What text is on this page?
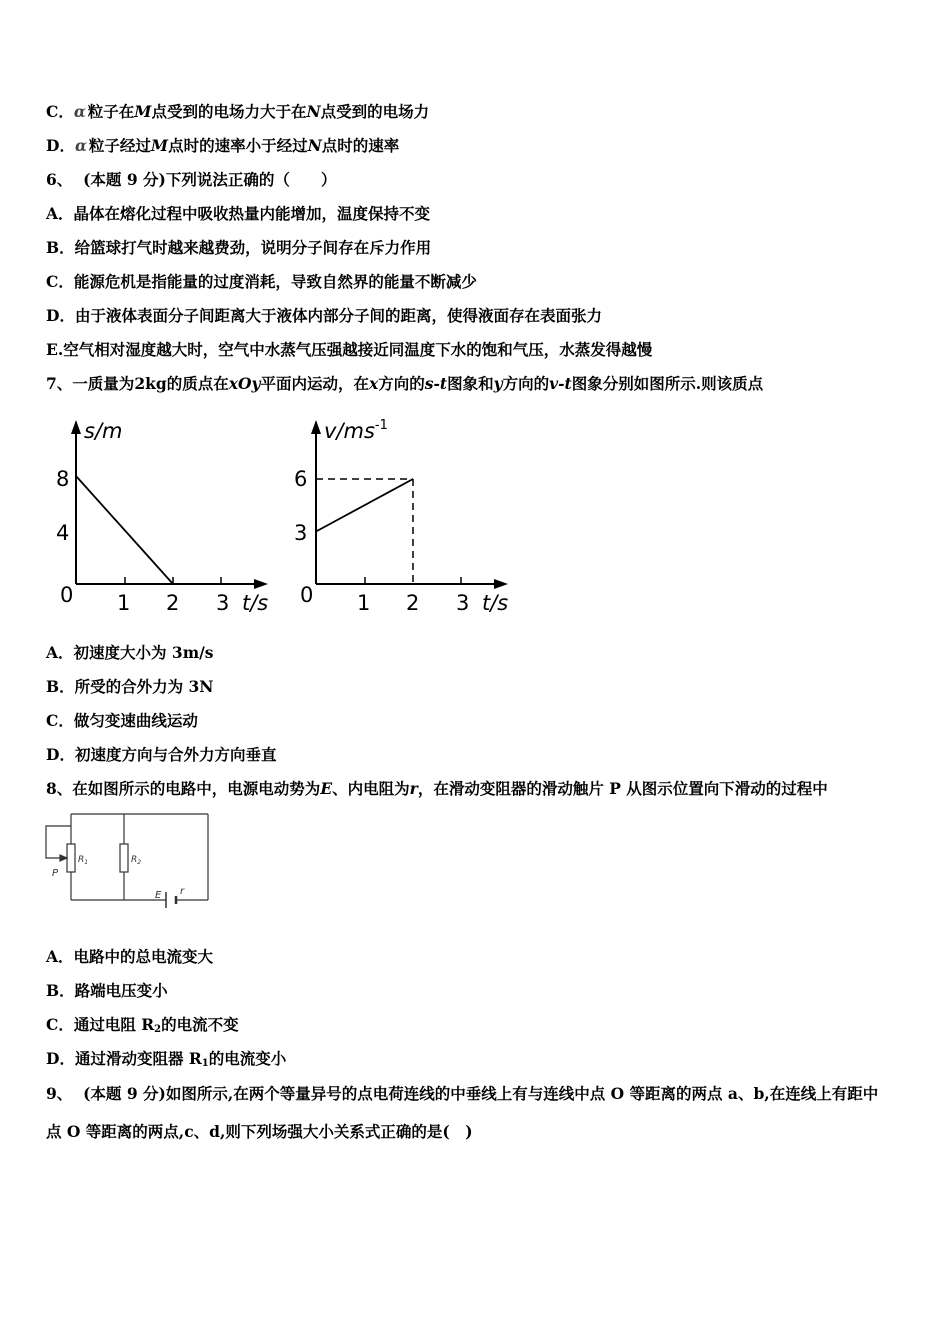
C．α 粒子在M点受到的电场力大于在N点受到的电场力
D．α 粒子经过M点时的速率小于经过N点时的速率
6、 (本题 9 分)下列说法正确的（　　）
A．晶体在熔化过程中吸收热量内能增加，温度保持不变
B．给篮球打气时越来越费劲，说明分子间存在斥力作用
C．能源危机是指能量的过度消耗，导致自然界的能量不断减少
D．由于液体表面分子间距离大于液体内部分子间的距离，使得液面存在表面张力
E.空气相对湿度越大时，空气中水蒸气压强越接近同温度下水的饱和气压，水蒸发得越慢
7、一质量为2kg的质点在xOy平面内运动，在x方向的s-t图象和y方向的v-t图象分别如图所示.则该质点
s/m
t/s
0 1 2 3
4
8
$v/ms^{-1}$
t/s
0 1 2 3
3
6
A．初速度大小为 3m/s
B．所受的合外力为 3N
C．做匀变速曲线运动
D．初速度方向与合外力方向垂直
8、在如图所示的电路中，电源电动势为E、内电阻为r，在滑动变阻器的滑动触片 P 从图示位置向下滑动的过程中
P
$R_1$	$R_2$
E r
A．电路中的总电流变大
B．路端电压变小
C．通过电阻 $R_2$的电流不变
D．通过滑动变阻器 $R_1$的电流变小
9、 (本题 9 分)如图所示,在两个等量异号的点电荷连线的中垂线上有与连线中点 O 等距离的两点 a、b,在连线上有距中
点 O 等距离的两点,c、d,则下列场强大小关系式正确的是(　)
